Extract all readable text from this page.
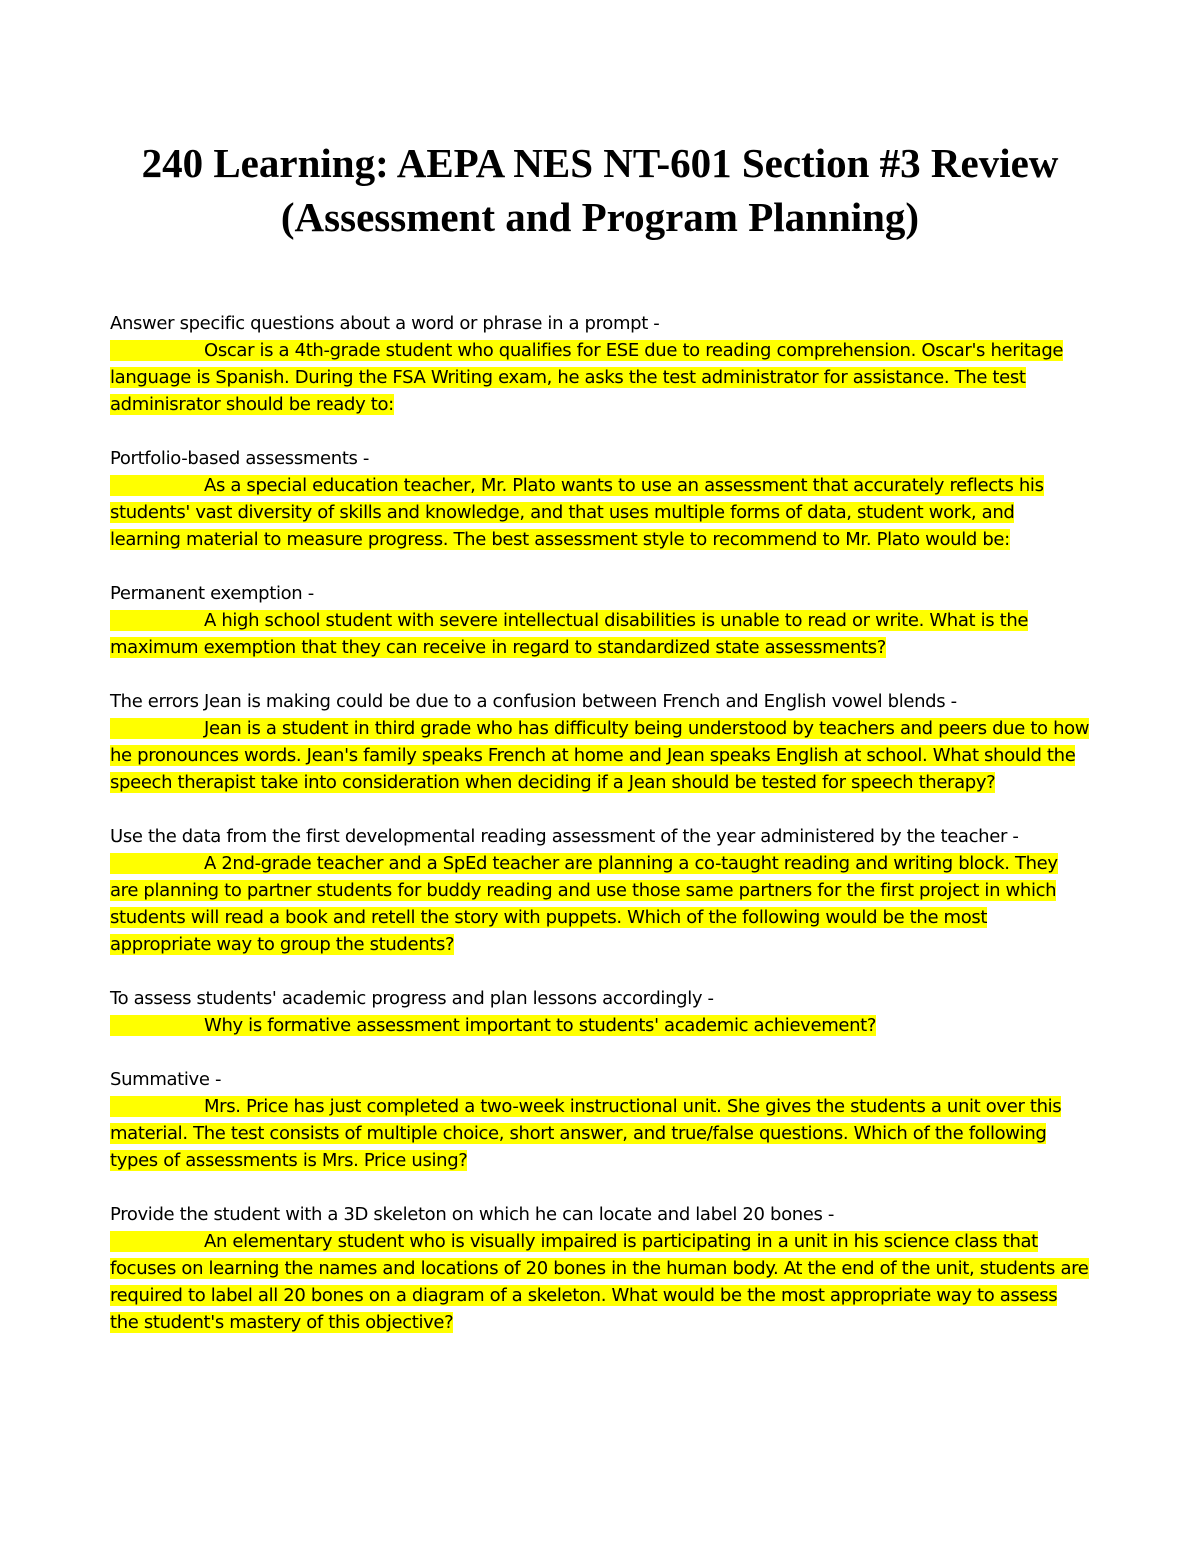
240 Learning: AEPA NES NT-601 Section #3 Review (Assessment and Program Planning)

Answer specific questions about a word or phrase in a prompt -

Oscar is a 4th-grade student who qualifies for ESE due to reading comprehension. Oscar's heritage language is Spanish. During the FSA Writing exam, he asks the test administrator for assistance. The test adminisrator should be ready to:

Portfolio-based assessments -

As a special education teacher, Mr. Plato wants to use an assessment that accurately reflects his students' vast diversity of skills and knowledge, and that uses multiple forms of data, student work, and learning material to measure progress. The best assessment style to recommend to Mr. Plato would be:

Permanent exemption -

A high school student with severe intellectual disabilities is unable to read or write. What is the maximum exemption that they can receive in regard to standardized state assessments?

The errors Jean is making could be due to a confusion between French and English vowel blends -

Jean is a student in third grade who has difficulty being understood by teachers and peers due to how he pronounces words. Jean's family speaks French at home and Jean speaks English at school. What should the speech therapist take into consideration when deciding if a Jean should be tested for speech therapy?

Use the data from the first developmental reading assessment of the year administered by the teacher -

A 2nd-grade teacher and a SpEd teacher are planning a co-taught reading and writing block. They are planning to partner students for buddy reading and use those same partners for the first project in which students will read a book and retell the story with puppets. Which of the following would be the most appropriate way to group the students?

To assess students' academic progress and plan lessons accordingly -

Why is formative assessment important to students' academic achievement?

Summative -

Mrs. Price has just completed a two-week instructional unit. She gives the students a unit over this material. The test consists of multiple choice, short answer, and true/false questions. Which of the following types of assessments is Mrs. Price using?

Provide the student with a 3D skeleton on which he can locate and label 20 bones -

An elementary student who is visually impaired is participating in a unit in his science class that focuses on learning the names and locations of 20 bones in the human body. At the end of the unit, students are required to label all 20 bones on a diagram of a skeleton. What would be the most appropriate way to assess the student's mastery of this objective?
